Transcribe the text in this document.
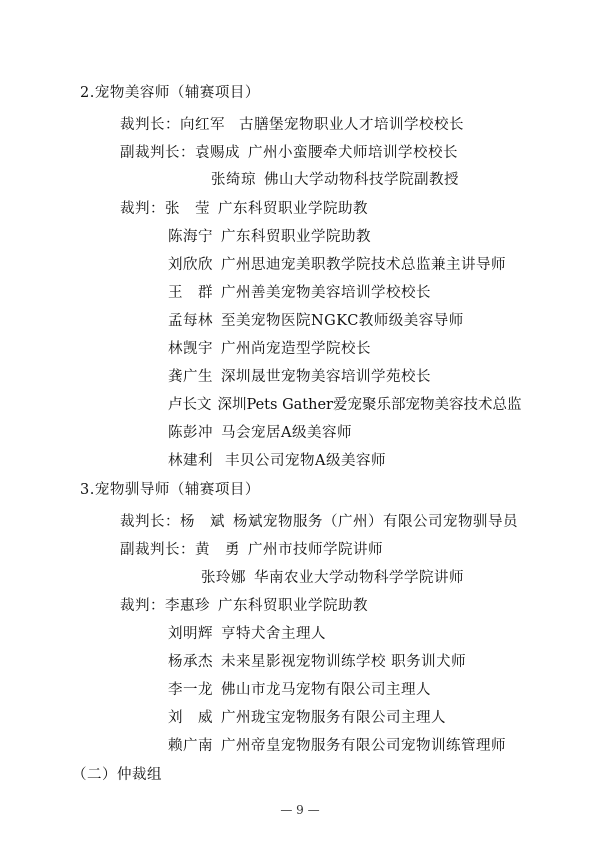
2.宠物美容师（辅赛项目）
裁判长：向红军 古膳堡宠物职业人才培训学校校长
副裁判长：袁赐成 广州小蛮腰牵犬师培训学校校长
张绮琼 佛山大学动物科技学院副教授
裁判：张　莹 广东科贸职业学院助教
陈海宁 广东科贸职业学院助教
刘欣欣 广州思迪宠美职教学院技术总监兼主讲导师
王　群 广州善美宠物美容培训学校校长
孟每林 至美宠物医院NGKC教师级美容导师
林觊宇 广州尚宠造型学院校长
龚广生 深圳晟世宠物美容培训学苑校长
卢长文 深圳Pets Gather爱宠聚乐部宠物美容技术总监
陈彭冲 马会宠居A级美容师
林建利 丰贝公司宠物A级美容师
3.宠物驯导师（辅赛项目）
裁判长：杨　斌 杨斌宠物服务（广州）有限公司宠物驯导员
副裁判长：黄　勇 广州市技师学院讲师
张玲娜 华南农业大学动物科学学院讲师
裁判：李惠珍 广东科贸职业学院助教
刘明辉 亨特犬舍主理人
杨承杰 未来星影视宠物训练学校 职务训犬师
李一龙 佛山市龙马宠物有限公司主理人
刘　威 广州珑宝宠物服务有限公司主理人
赖广南 广州帝皇宠物服务有限公司宠物训练管理师
（二）仲裁组
— 9 —
